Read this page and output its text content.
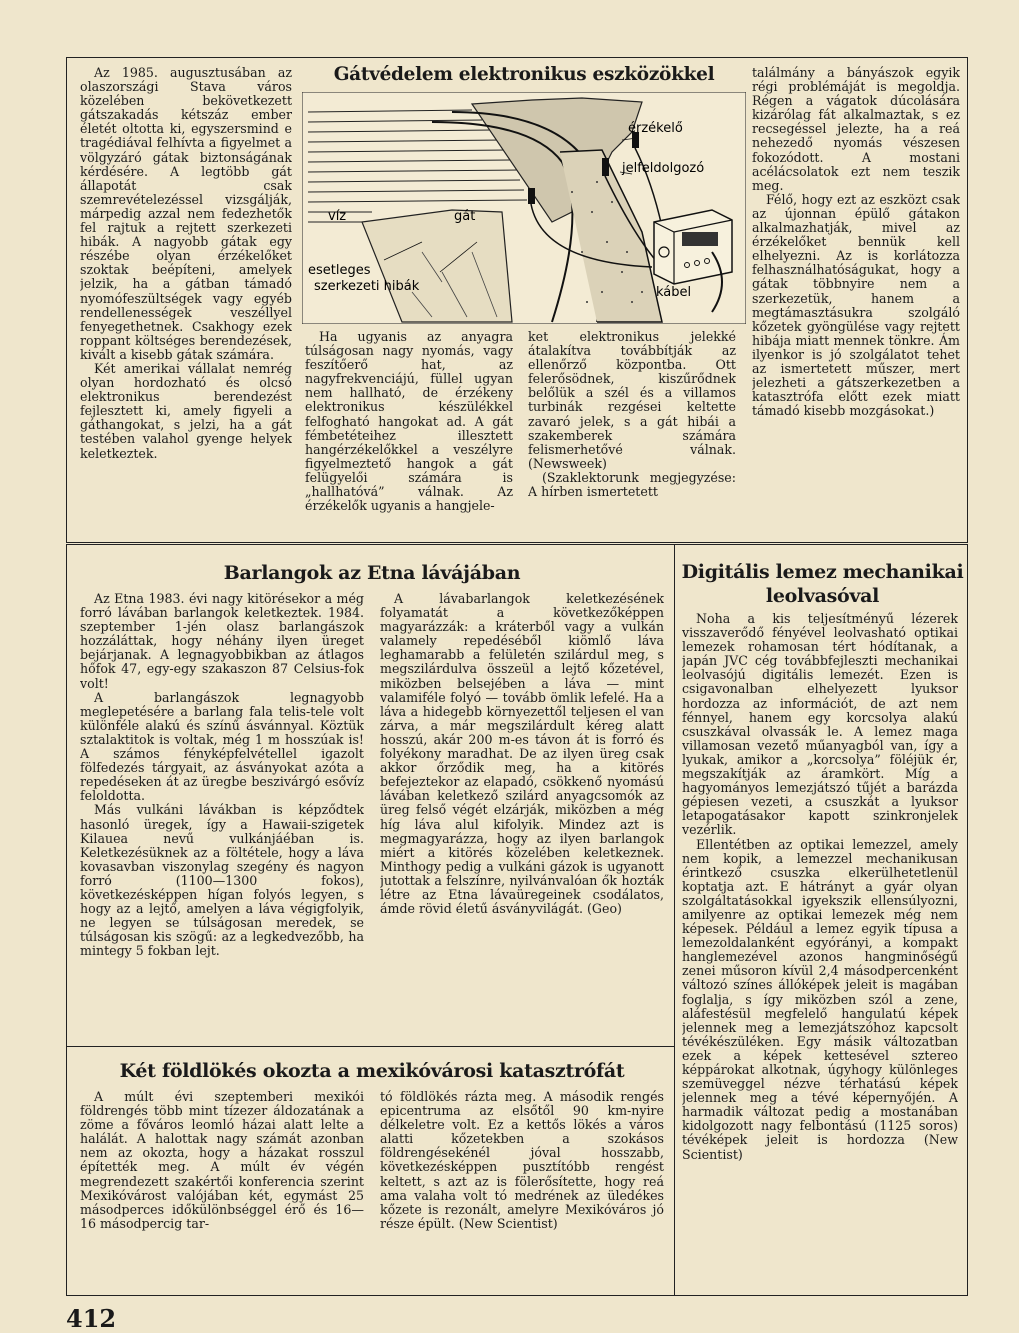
Gátvédelem elektronikus eszközökkel

Az 1985. augusztusában az olaszországi Stava város közelében bekövetkezett gátszakadás kétszáz ember életét oltotta ki, egyszersmind e tragédiával felhívta a figyelmet a völgyzáró gátak biztonságának kérdésére. A legtöbb gát állapotát csak szemrevételezéssel vizsgálják, márpedig azzal nem fedezhetők fel rajtuk a rejtett szerkezeti hibák. A nagyobb gátak egy részébe olyan érzékelőket szoktak beépíteni, amelyek jelzik, ha a gátban támadó nyomófeszültségek vagy egyéb rendellenességek veszéllyel fenyegethetnek. Csakhogy ezek roppant költséges berendezések, kivált a kisebb gátak számára.

Két amerikai vállalat nemrég olyan hordozható és olcsó elektronikus berendezést fejlesztett ki, amely figyeli a gáthangokat, s jelzi, ha a gát testében valahol gyenge helyek keletkeztek.

érzékelő
jelfeldolgozó
víz	gát
kábel
esetleges
szerkezeti hibák

Ha ugyanis az anyagra túlságosan nagy nyomás, vagy feszítőerő hat, az nagyfrekvenciájú, füllel ugyan nem hallható, de érzékeny elektronikus készülékkel felfogható hangokat ad. A gát fémbetéteihez illesztett hangérzékelőkkel a veszélyre figyelmeztető hangok a gát felügyelői számára is „hallhatóvá” válnak. Az érzékelők ugyanis a hangjele-

ket elektronikus jelekké átalakítva továbbítják az ellenőrző központba. Ott felerősödnek, kiszűrődnek belőlük a szél és a villamos turbinák rezgései keltette zavaró jelek, s a gát hibái a szakemberek számára felismerhetővé válnak. (Newsweek)

(Szaklektorunk megjegyzése: A hírben ismertetett

találmány a bányászok egyik régi problémáját is megoldja. Régen a vágatok dúcolására kizárólag fát alkalmaztak, s ez recsegéssel jelezte, ha a reá nehezedő nyomás vészesen fokozódott. A mostani acélácsolatok ezt nem teszik meg.

Félő, hogy ezt az eszközt csak az újonnan épülő gátakon alkalmazhatják, mivel az érzékelőket bennük kell elhelyezni. Az is korlátozza felhasználhatóságukat, hogy a gátak többnyire nem a szerkezetük, hanem a megtámasztásukra szolgáló kőzetek gyöngülése vagy rejtett hibája miatt mennek tönkre. Ám ilyenkor is jó szolgálatot tehet az ismertetett műszer, mert jelezheti a gátszerkezetben a katasztrófa előtt ezek miatt támadó kisebb mozgásokat.)

Barlangok az Etna lávájában

Az Etna 1983. évi nagy kitörésekor a még forró lávában barlangok keletkeztek. 1984. szeptember 1-jén olasz barlangászok hozzáláttak, hogy néhány ilyen üreget bejárjanak. A legnagyobbikban az átlagos hőfok 47, egy-egy szakaszon 87 Celsius-fok volt!

A barlangászok legnagyobb meglepetésére a barlang fala telis-tele volt különféle alakú és színű ásvánnyal. Köztük sztalaktitok is voltak, még 1 m hosszúak is! A számos fényképfelvétellel igazolt fölfedezés tárgyait, az ásványokat azóta a repedéseken át az üregbe beszivárgó esővíz feloldotta.

Más vulkáni lávákban is képződtek hasonló üregek, így a Hawaii-szigetek Kilauea nevű vulkánjáéban is. Keletkezésüknek az a föltétele, hogy a láva kovasavban viszonylag szegény és nagyon forró (1100—1300 fokos), következésképpen hígan folyós legyen, s hogy az a lejtő, amelyen a láva végigfolyik, ne legyen se túlságosan meredek, se túlságosan kis szögű: az a legkedvezőbb, ha mintegy 5 fokban lejt.

A lávabarlangok keletkezésének folyamatát a következőképpen magyarázzák: a kráterből vagy a vulkán valamely repedéséből kiömlő láva leghamarabb a felületén szilárdul meg, s megszilárdulva összeül a lejtő kőzetével, miközben belsejében a láva — mint valamiféle folyó — tovább ömlik lefelé. Ha a láva a hidegebb környezettől teljesen el van zárva, a már megszilárdult kéreg alatt hosszú, akár 200 m-es távon át is forró és folyékony maradhat. De az ilyen üreg csak akkor őrződik meg, ha a kitörés befejeztekor az elapadó, csökkenő nyomású lávában keletkező szilárd anyagcsomók az üreg felső végét elzárják, miközben a még híg láva alul kifolyik. Mindez azt is megmagyarázza, hogy az ilyen barlangok miért a kitörés közelében keletkeznek. Minthogy pedig a vulkáni gázok is ugyanott jutottak a felszínre, nyilvánvalóan ők hozták létre az Etna lávaüregeinek csodálatos, ámde rövid életű ásványvilágát. (Geo)

Digitális lemez mechanikai leolvasóval

Noha a kis teljesítményű lézerek visszaverődő fényével leolvasható optikai lemezek rohamosan tért hódítanak, a japán JVC cég továbbfejleszti mechanikai leolvasójú digitális lemezét. Ezen is csigavonalban elhelyezett lyuksor hordozza az információt, de azt nem fénnyel, hanem egy korcsolya alakú csuszkával olvassák le. A lemez maga villamosan vezető műanyagból van, így a lyukak, amikor a „korcsolya” föléjük ér, megszakítják az áramkört. Míg a hagyományos lemezjátszó tűjét a barázda gépiesen vezeti, a csuszkát a lyuksor letapogatásakor kapott szinkronjelek vezérlik.

Ellentétben az optikai lemezzel, amely nem kopik, a lemezzel mechanikusan érintkező csuszka elkerülhetetlenül koptatja azt. E hátrányt a gyár olyan szolgáltatásokkal igyekszik ellensúlyozni, amilyenre az optikai lemezek még nem képesek. Például a lemez egyik típusa a lemezoldalanként egyórányi, a kompakt hanglemezével azonos hangminőségű zenei műsoron kívül 2,4 másodpercenként változó színes állóképek jeleit is magában foglalja, s így miközben szól a zene, aláfestésül megfelelő hangulatú képek jelennek meg a lemezjátszóhoz kapcsolt tévékészüléken. Egy másik változatban ezek a képek kettesével sztereo képpárokat alkotnak, úgyhogy különleges szemüveggel nézve térhatású képek jelennek meg a tévé képernyőjén. A harmadik változat pedig a mostanában kidolgozott nagy felbontású (1125 soros) tévéképek jeleit is hordozza (New Scientist)

Két földlökés okozta a mexikóvárosi katasztrófát

A múlt évi szeptemberi mexikói földrengés több mint tízezer áldozatának a zöme a főváros leomló házai alatt lelte a halálát. A halottak nagy számát azonban nem az okozta, hogy a házakat rosszul építették meg. A múlt év végén megrendezett szakértői konferencia szerint Mexikóvárost valójában két, egymást 25 másodperces időkülönbséggel érő és 16—16 másodpercig tar-

tó földlökés rázta meg. A második rengés epicentruma az elsőtől 90 km-nyire délkeletre volt. Ez a kettős lökés a város alatti kőzetekben a szokásos földrengésekénél jóval hosszabb, következésképpen pusztítóbb rengést keltett, s azt az is fölerősítette, hogy reá ama valaha volt tó medrének az üledékes kőzete is rezonált, amelyre Mexikóváros jó része épült. (New Scientist)

412
